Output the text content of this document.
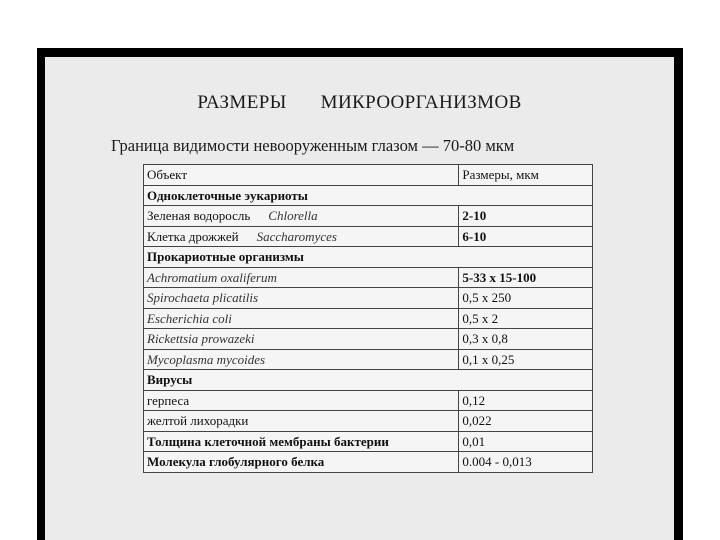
РАЗМЕРЫ МИКРООРГАНИЗМОВ
Граница видимости невооруженным глазом — 70-80 мкм
Объект	Размеры, мкм
Одноклеточные эукариоты	
Зеленая водоросль Chlorella	2-10
Клетка дрожжей Saccharomyces	6-10
Прокариотные организмы	
Achromatium oxaliferum	5-33 x 15-100
Spirochaeta plicatilis	0,5 x 250
Escherichia coli	0,5 x 2
Rickettsia prowazeki	0,3 x 0,8
Mycoplasma mycoides	0,1 x 0,25
Вирусы	
герпеса	0,12
желтой лихорадки	0,022
Толщина клеточной мембраны бактерии	0,01
Молекула глобулярного белка	0.004 - 0,013
